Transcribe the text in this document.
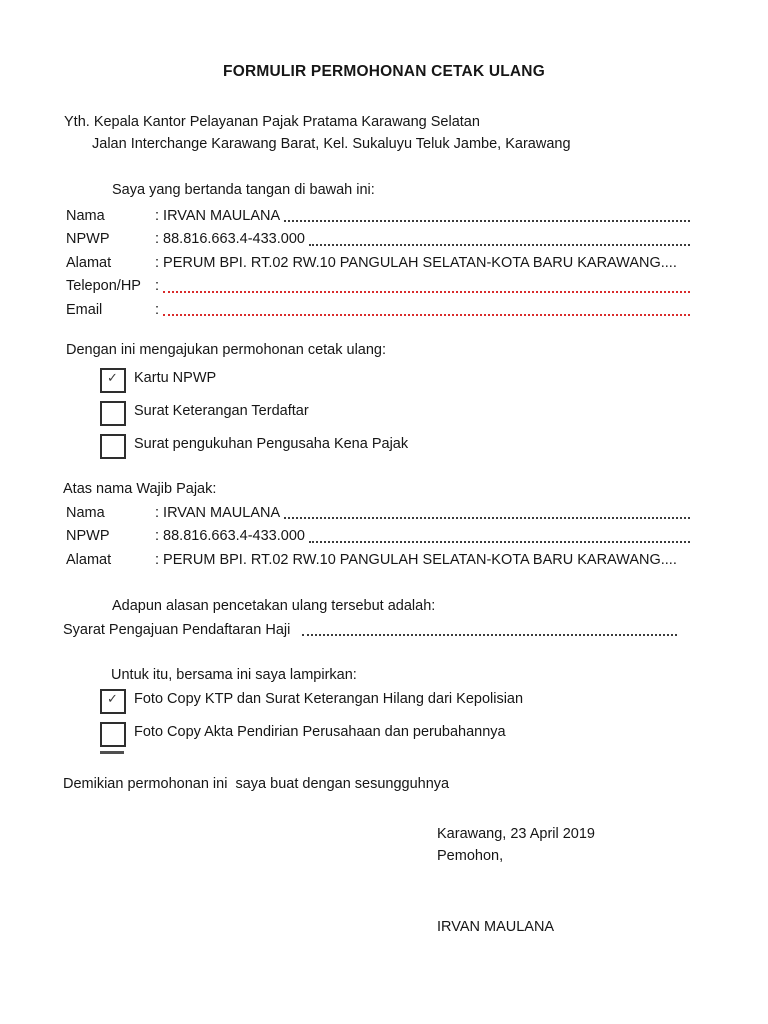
FORMULIR PERMOHONAN CETAK ULANG
Yth. Kepala Kantor Pelayanan Pajak Pratama Karawang Selatan
Jalan Interchange Karawang Barat, Kel. Sukaluyu Teluk Jambe, Karawang
Saya yang bertanda tangan di bawah ini:
Nama	: IRVAN MAULANA
NPWP	: 88.816.663.4-433.000
Alamat	: PERUM BPI. RT.02 RW.10 PANGULAH SELATAN-KOTA BARU KARAWANG....
Telepon/HP :
Email	:
Dengan ini mengajukan permohonan cetak ulang:
✓ Kartu NPWP
Surat Keterangan Terdaftar
Surat pengukuhan Pengusaha Kena Pajak
Atas nama Wajib Pajak:
Nama	: IRVAN MAULANA
NPWP	: 88.816.663.4-433.000
Alamat	: PERUM BPI. RT.02 RW.10 PANGULAH SELATAN-KOTA BARU KARAWANG....
Adapun alasan pencetakan ulang tersebut adalah:
Syarat Pengajuan Pendaftaran Haji
Untuk itu, bersama ini saya lampirkan:
✓ Foto Copy KTP dan Surat Keterangan Hilang dari Kepolisian
Foto Copy Akta Pendirian Perusahaan dan perubahannya
Demikian permohonan ini  saya buat dengan sesungguhnya
Karawang, 23 April 2019
Pemohon,
IRVAN MAULANA
